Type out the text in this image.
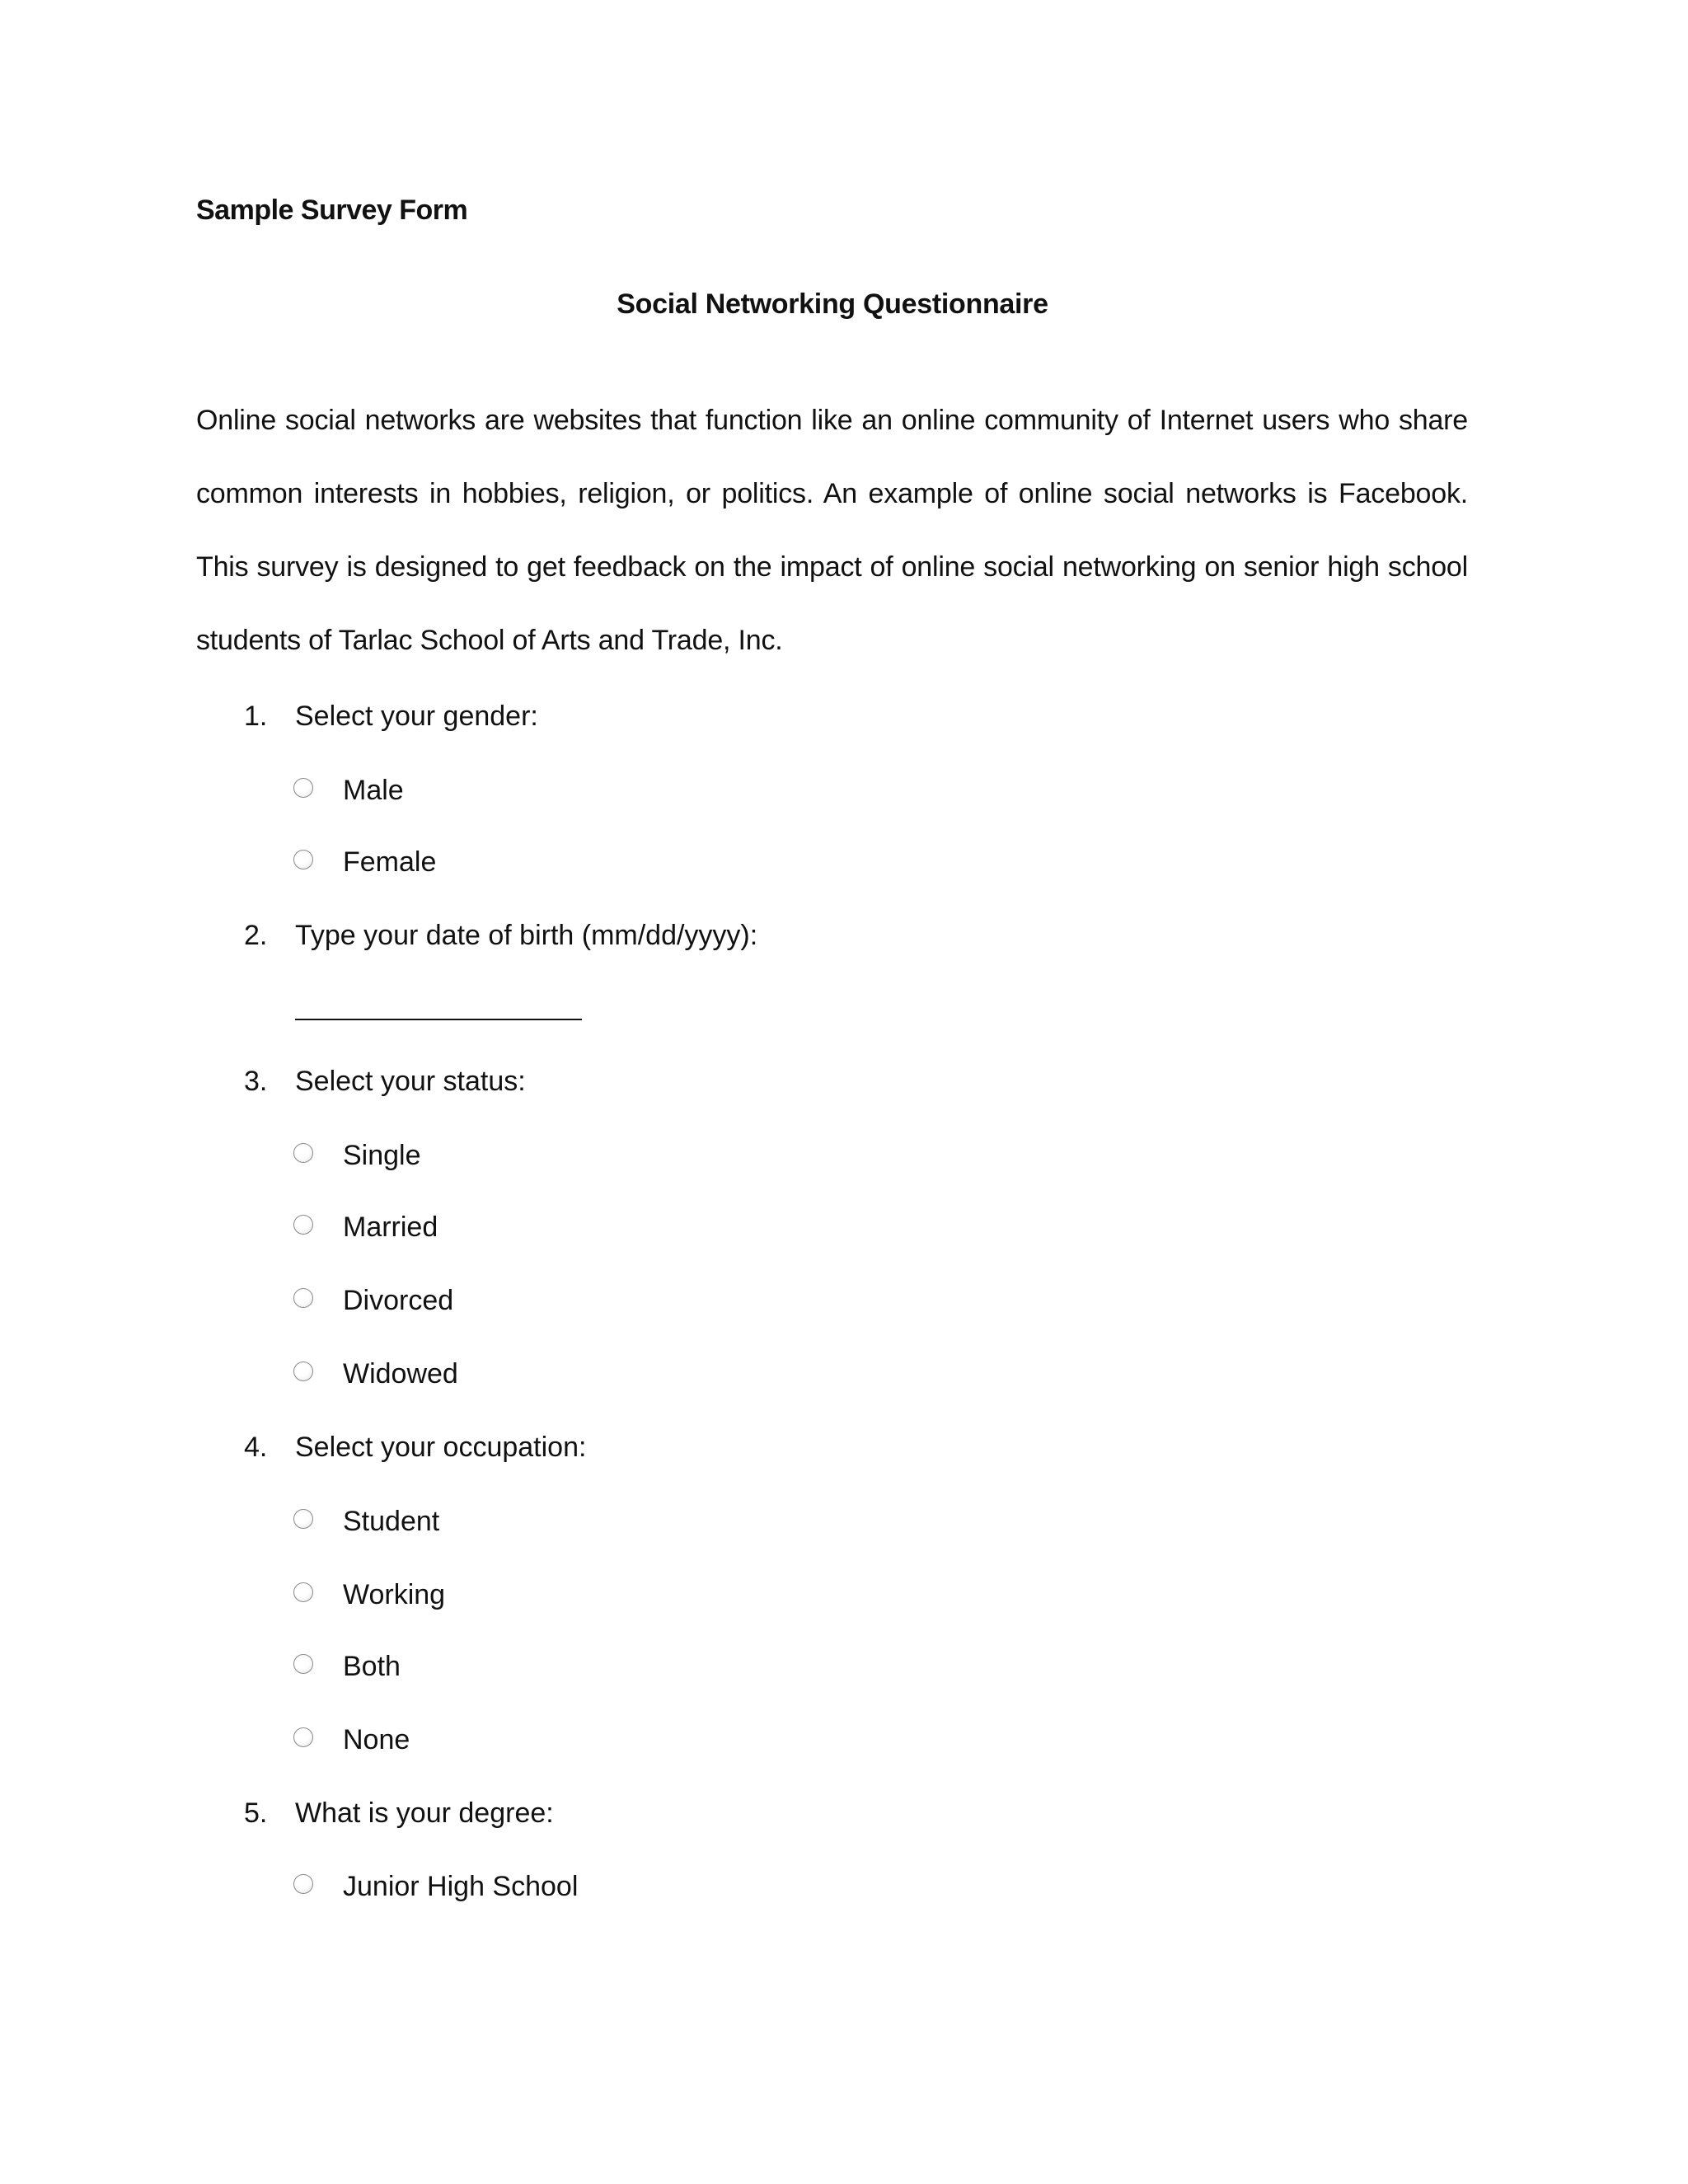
Sample Survey Form
Social Networking Questionnaire
Online social networks are websites that function like an online community of Internet users who share common interests in hobbies, religion, or politics. An example of online social networks is Facebook. This survey is designed to get feedback on the impact of online social networking on senior high school students of Tarlac School of Arts and Trade, Inc.
1. Select your gender:
Male
Female
2. Type your date of birth (mm/dd/yyyy):
3. Select your status:
Single
Married
Divorced
Widowed
4. Select your occupation:
Student
Working
Both
None
5. What is your degree:
Junior High School
